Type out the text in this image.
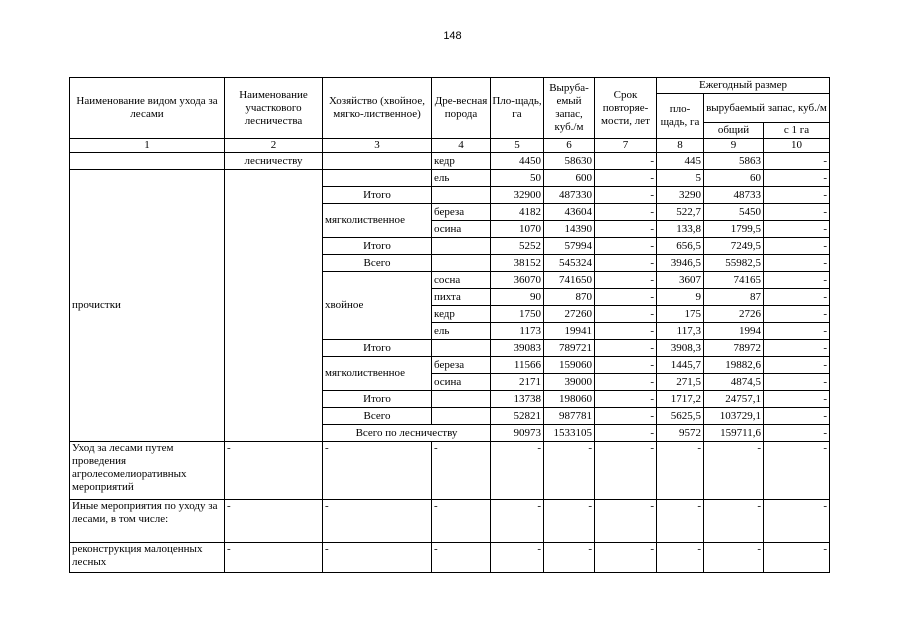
148
Наименование видом ухода за лесами	Наименование участкового лесничества	Хозяйство (хвойное, мягко-лиственное)	Дре-весная порода	Пло-щадь, га	Выруба-емый запас, куб./м	Срок повторяе-мости, лет	Ежегодный размер		
							пло-щадь, га	вырубаемый запас, куб./м	
								общий	с 1 га
1	2	3	4	5	6	7	8	9	10
	лесничеству		кедр	4450	58630	-	445	5863	-
прочистки			ель	50	600	-	5	60	-
		Итого		32900	487330	-	3290	48733	-
		мягколиственное	береза	4182	43604	-	522,7	5450	-
			осина	1070	14390	-	133,8	1799,5	-
		Итого		5252	57994	-	656,5	7249,5	-
		Всего		38152	545324	-	3946,5	55982,5	-
		хвойное	сосна	36070	741650	-	3607	74165	-
			пихта	90	870	-	9	87	-
			кедр	1750	27260	-	175	2726	-
			ель	1173	19941	-	117,3	1994	-
		Итого		39083	789721	-	3908,3	78972	-
		мягколиственное	береза	11566	159060	-	1445,7	19882,6	-
			осина	2171	39000	-	271,5	4874,5	-
		Итого		13738	198060	-	1717,2	24757,1	-
		Всего		52821	987781	-	5625,5	103729,1	-
		Всего по лесничеству		90973	1533105	-	9572	159711,6	-
Уход за лесами путем проведения агролесомелиоративных мероприятий	-	-	-	-	-	-	-	-	-
Иные мероприятия по уходу за лесами, в том числе:	-	-	-	-	-	-	-	-	-
реконструкция малоценных лесных	-	-	-	-	-	-	-	-	-
